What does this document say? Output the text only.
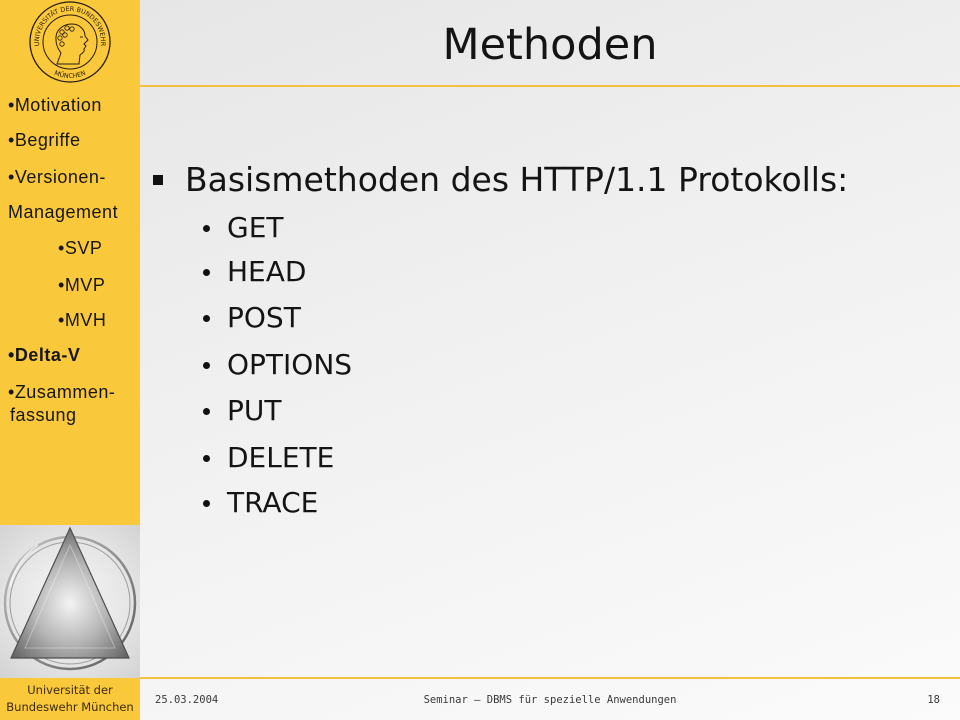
UNIVERSITÄT DER BUNDESWEHR
MÜNCHEN
• Motivation
• Begriffe
• Versionen-
Management
• SVP
• MVP
• MVH
• Delta-V
• Zusammen-
fassung
Universität der
Bundeswehr München
Methoden
Basismethoden des HTTP/1.1 Protokolls:
GET
HEAD
POST
OPTIONS
PUT
DELETE
TRACE
25.03.2004	Seminar – DBMS für spezielle Anwendungen	18
